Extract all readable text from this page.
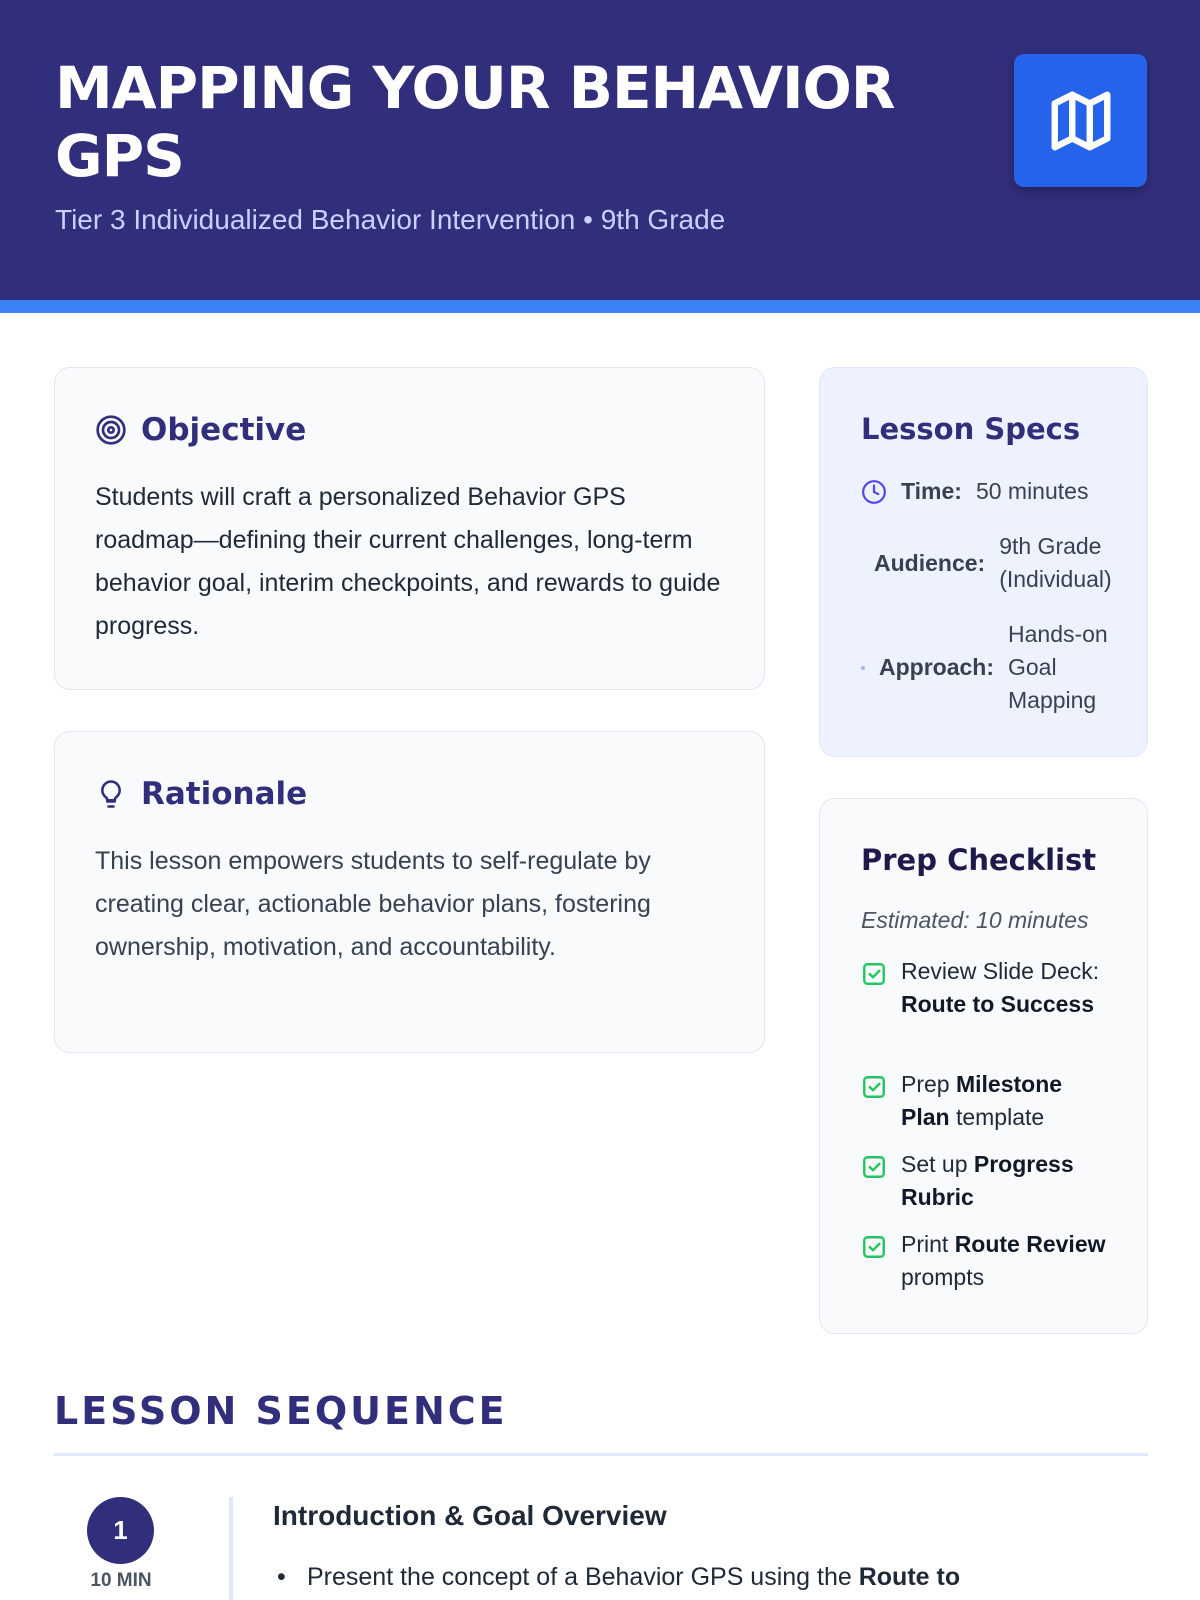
MAPPING YOUR BEHAVIOR GPS
Tier 3 Individualized Behavior Intervention • 9th Grade
Objective

Students will craft a personalized Behavior GPS roadmap—defining their current challenges, long-term behavior goal, interim checkpoints, and rewards to guide progress.

Rationale

This lesson empowers students to self-regulate by creating clear, actionable behavior plans, fostering ownership, motivation, and accountability.

Lesson Specs
Time: 50 minutes
Audience:
9th Grade (Individual)
Approach:
Hands-on Goal Mapping
Prep Checklist
Estimated: 10 minutes
Review Slide Deck: Route to Success
Prep Milestone Plan template
Set up Progress Rubric
Print Route Review prompts
LESSON SEQUENCE
1
10 MIN
Introduction & Goal Overview
• Present the concept of a Behavior GPS using the Route to
